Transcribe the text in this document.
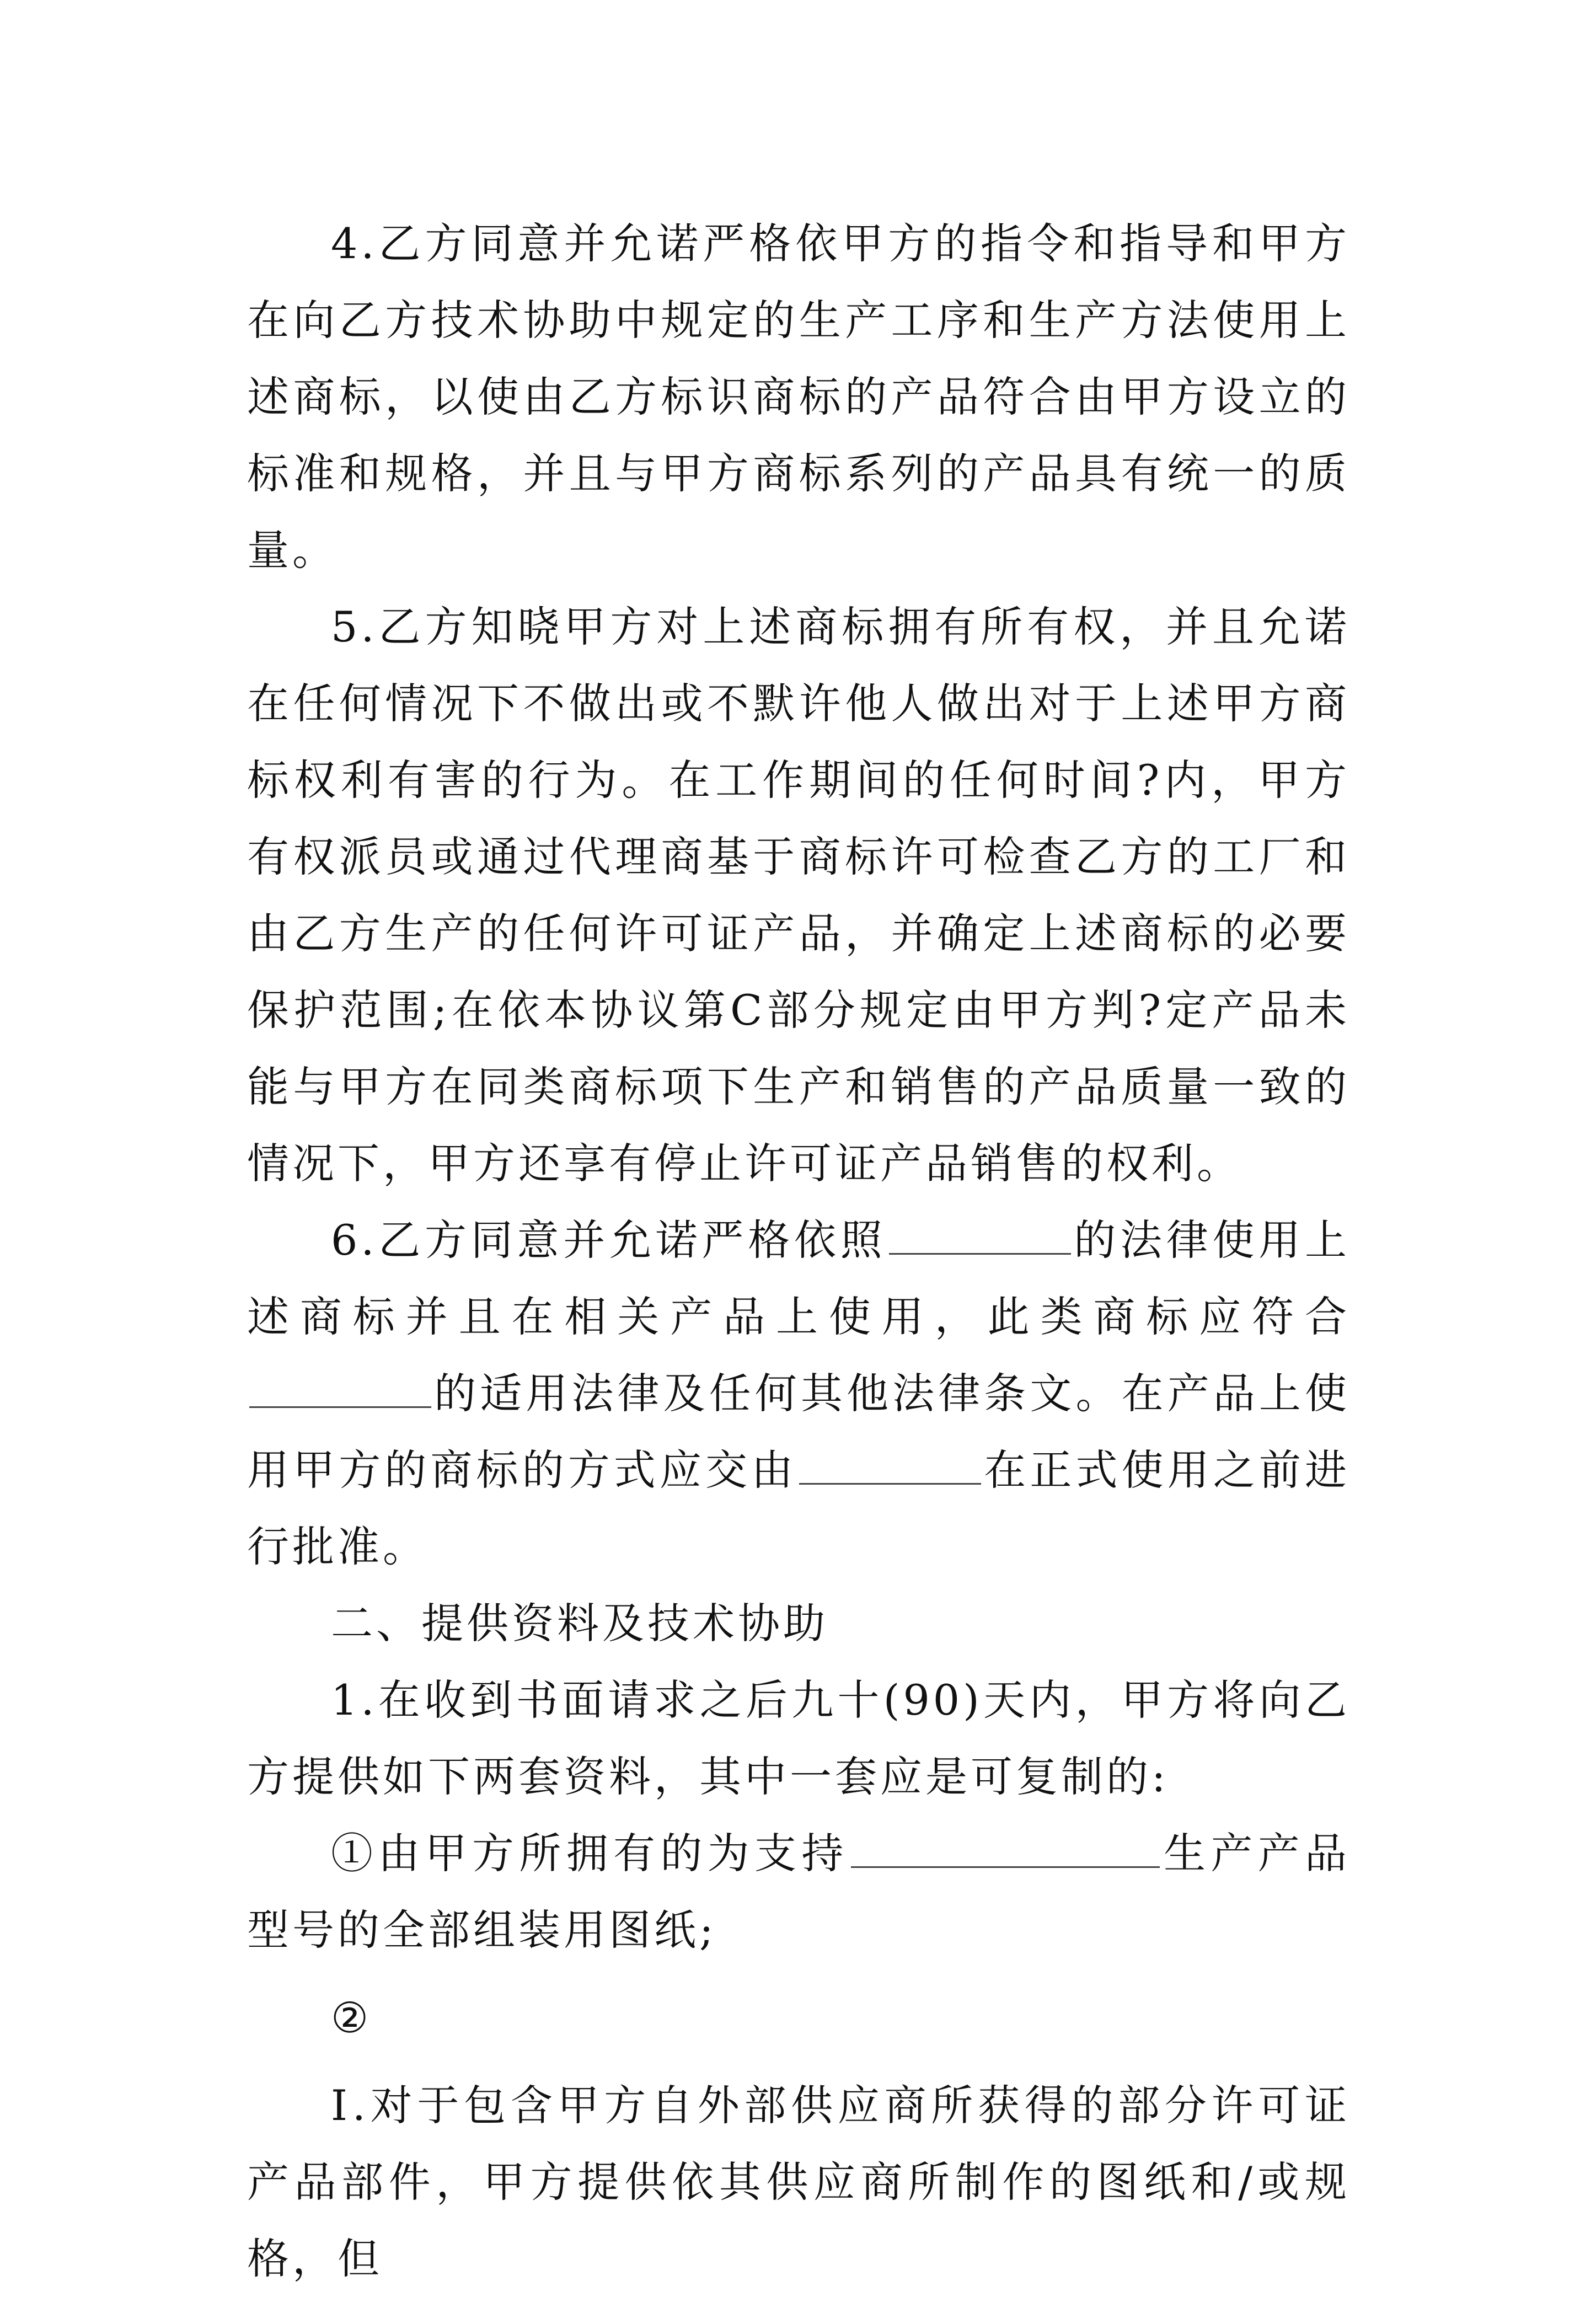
4.乙方同意并允诺严格依甲方的指令和指导和甲方在向乙方技术协助中规定的生产工序和生产方法使用上述商标，以使由乙方标识商标的产品符合由甲方设立的标准和规格，并且与甲方商标系列的产品具有统一的质量。

5.乙方知晓甲方对上述商标拥有所有权，并且允诺在任何情况下不做出或不默许他人做出对于上述甲方商标权利有害的行为。在工作期间的任何时间?内，甲方有权派员或通过代理商基于商标许可检查乙方的工厂和由乙方生产的任何许可证产品，并确定上述商标的必要保护范围;在依本协议第C部分规定由甲方判?定产品未能与甲方在同类商标项下生产和销售的产品质量一致的情况下，甲方还享有停止许可证产品销售的权利。

6.乙方同意并允诺严格依照	的法律使用上述商标并且在相关产品上使用，此类商标应符合的适用法律及任何其他法律条文。在产品上使用甲方的商标的方式应交由	在正式使用之前进行批准。

二、提供资料及技术协助

1.在收到书面请求之后九十(90)天内，甲方将向乙方提供如下两套资料，其中一套应是可复制的:

①由甲方所拥有的为支持	生产产品型号的全部组装用图纸;

②

Ⅰ.对于包含甲方自外部供应商所获得的部分许可证产品部件，甲方提供依其供应商所制作的图纸和/或规格，但
